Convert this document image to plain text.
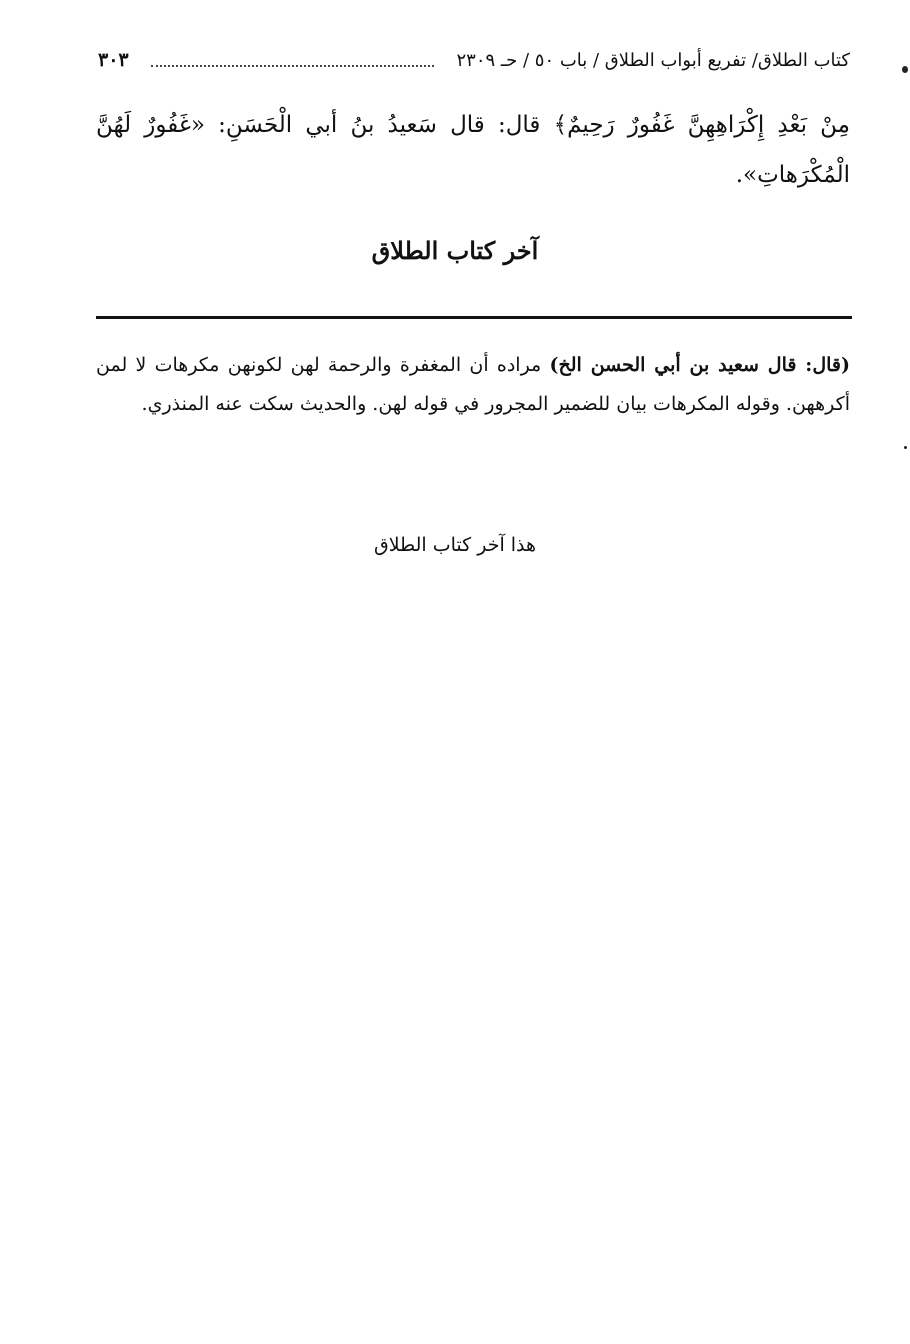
كتاب الطلاق/ تفريع أبواب الطلاق / باب ٥٠ / حـ ٢٣٠٩
٣٠٣
مِنْ بَعْدِ إِكْرَاهِهِنَّ غَفُورٌ رَحِيمٌ﴾ قال: قال سَعيدُ بنُ أبي الْحَسَنِ: «غَفُورٌ لَهُنَّ الْمُكْرَهاتِ».
آخر كتاب الطلاق
(قال: قال سعيد بن أبي الحسن الخ) مراده أن المغفرة والرحمة لهن لكونهن مكرهات لا لمن أكرههن. وقوله المكرهات بيان للضمير المجرور في قوله لهن. والحديث سكت عنه المنذري.
هذا آخر كتاب الطلاق
